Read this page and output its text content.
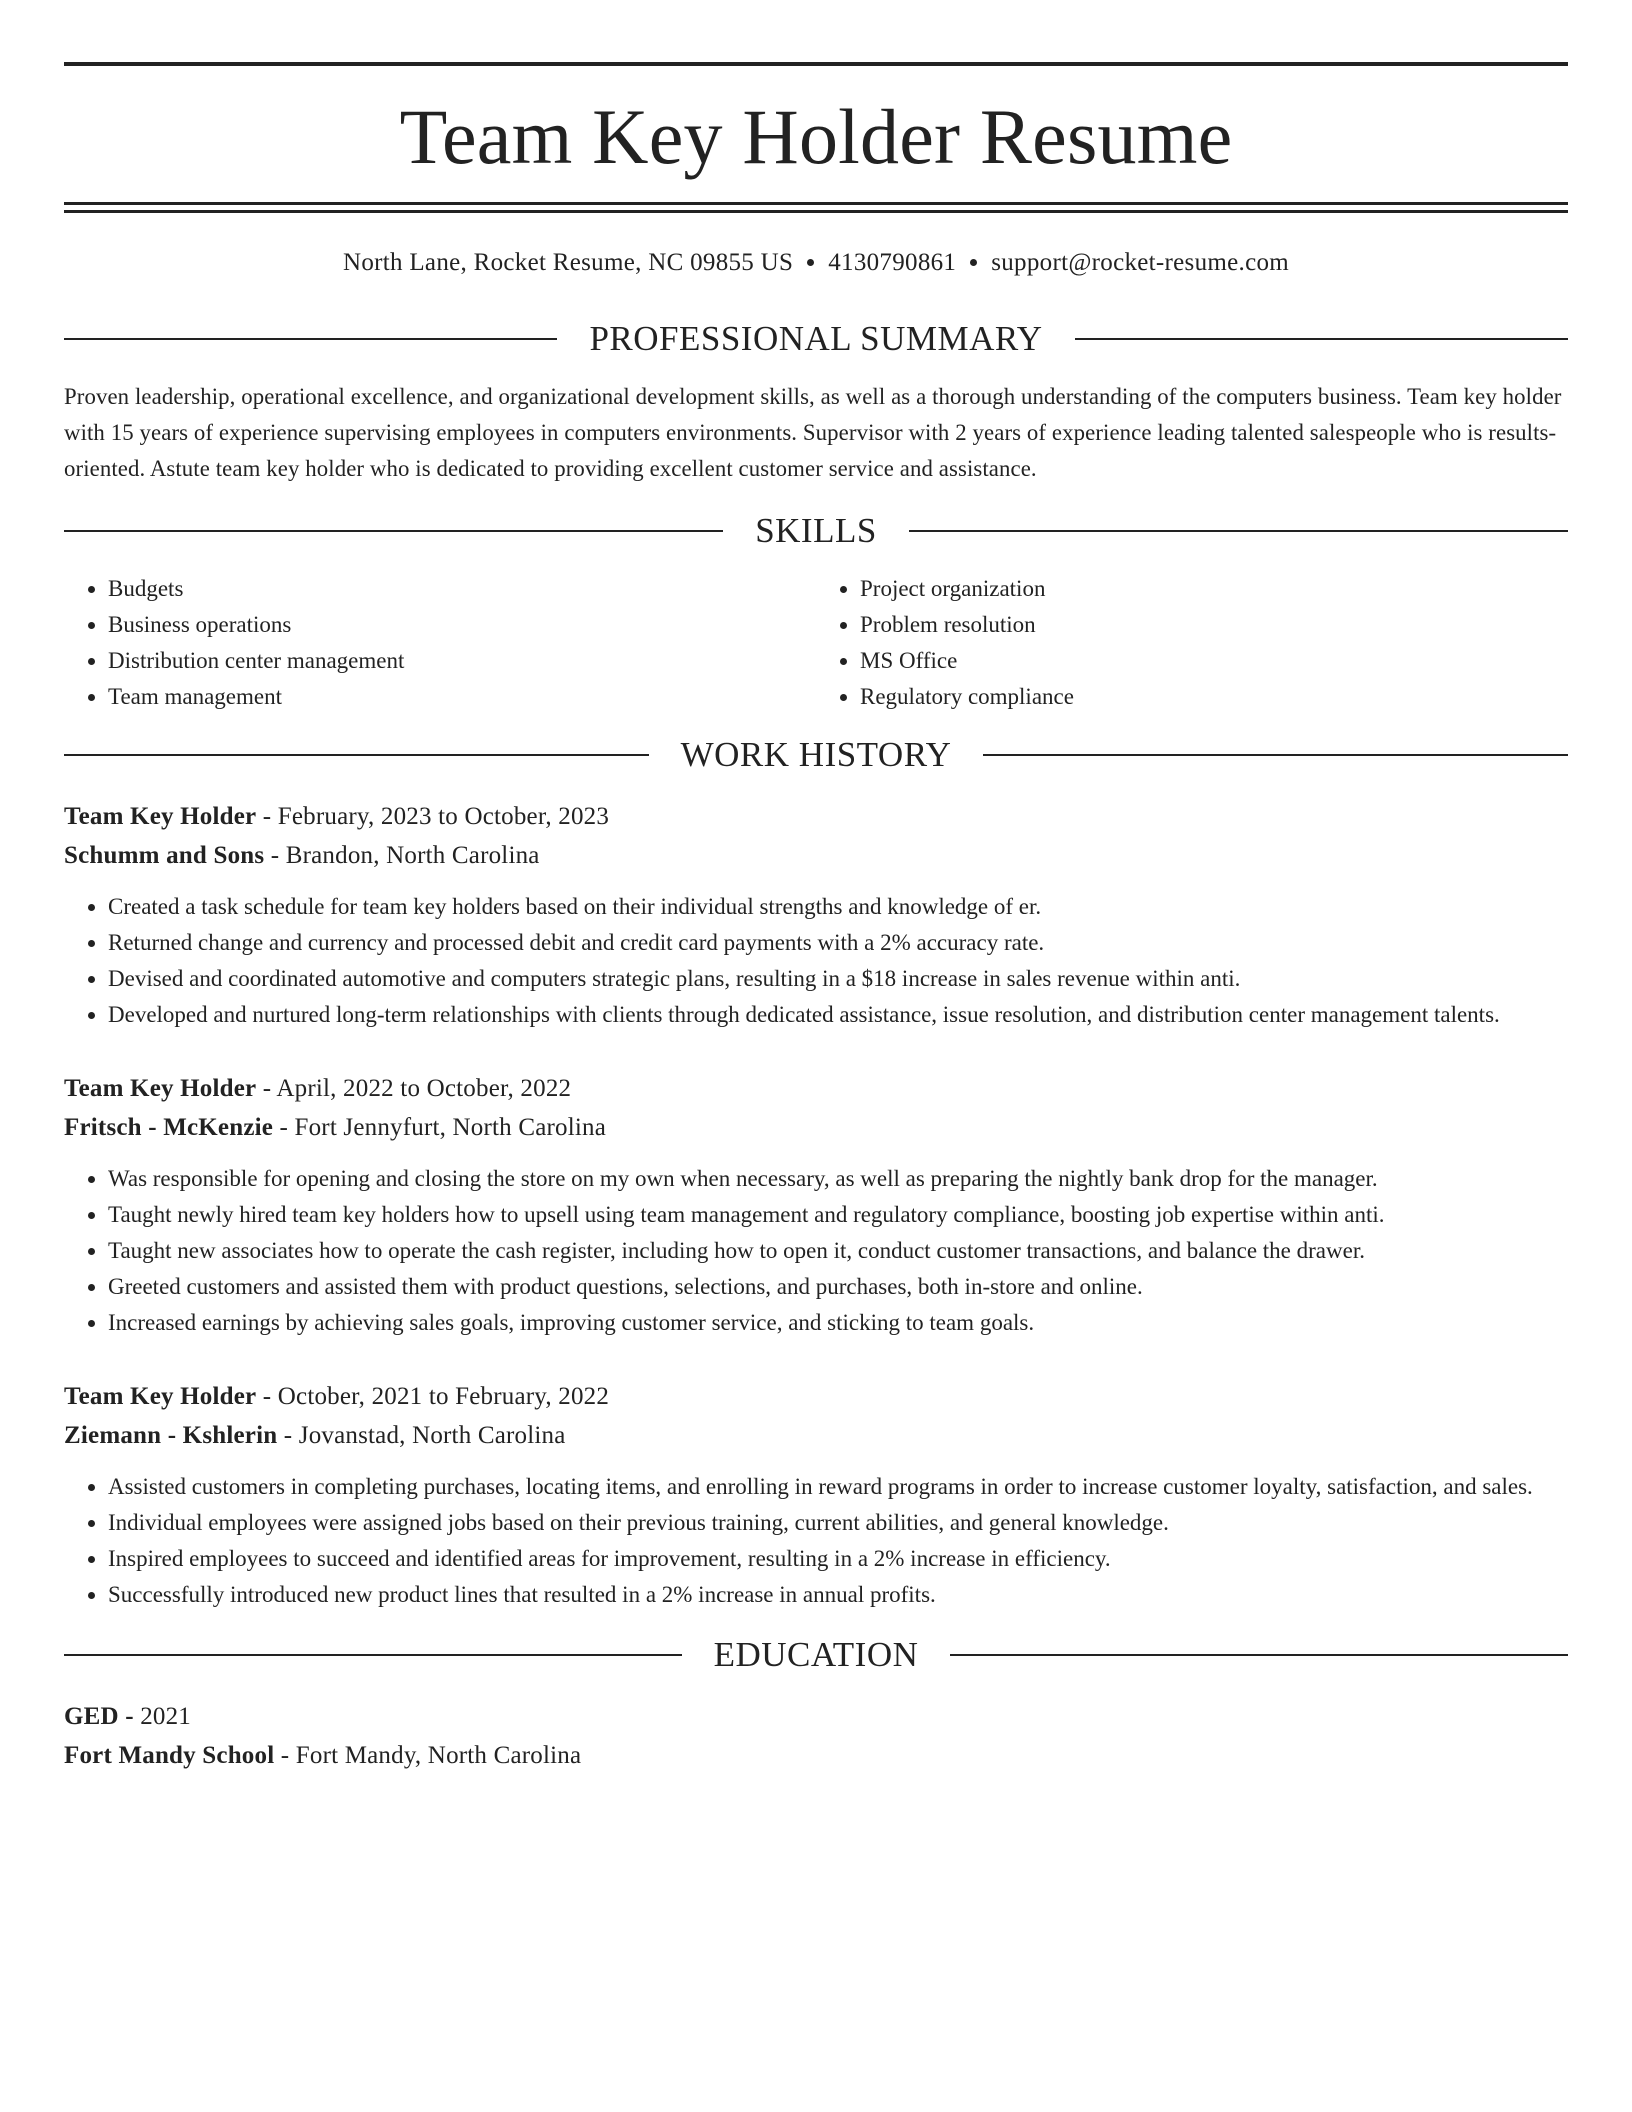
Team Key Holder Resume
North Lane, Rocket Resume, NC 09855 US 4130790861 support@rocket-resume.com
PROFESSIONAL SUMMARY
Proven leadership, operational excellence, and organizational development skills, as well as a thorough understanding of the computers business. Team key holder with 15 years of experience supervising employees in computers environments. Supervisor with 2 years of experience leading talented salespeople who is results-oriented. Astute team key holder who is dedicated to providing excellent customer service and assistance.
SKILLS
• Budgets
• Business operations
• Distribution center management
• Team management
• Project organization
• Problem resolution
• MS Office
• Regulatory compliance
WORK HISTORY
Team Key Holder - February, 2023 to October, 2023
Schumm and Sons - Brandon, North Carolina
• Created a task schedule for team key holders based on their individual strengths and knowledge of er.
• Returned change and currency and processed debit and credit card payments with a 2% accuracy rate.
• Devised and coordinated automotive and computers strategic plans, resulting in a $18 increase in sales revenue within anti.
• Developed and nurtured long-term relationships with clients through dedicated assistance, issue resolution, and distribution center management talents.
Team Key Holder - April, 2022 to October, 2022
Fritsch - McKenzie - Fort Jennyfurt, North Carolina
• Was responsible for opening and closing the store on my own when necessary, as well as preparing the nightly bank drop for the manager.
• Taught newly hired team key holders how to upsell using team management and regulatory compliance, boosting job expertise within anti.
• Taught new associates how to operate the cash register, including how to open it, conduct customer transactions, and balance the drawer.
• Greeted customers and assisted them with product questions, selections, and purchases, both in-store and online.
• Increased earnings by achieving sales goals, improving customer service, and sticking to team goals.
Team Key Holder - October, 2021 to February, 2022
Ziemann - Kshlerin - Jovanstad, North Carolina
• Assisted customers in completing purchases, locating items, and enrolling in reward programs in order to increase customer loyalty, satisfaction, and sales.
• Individual employees were assigned jobs based on their previous training, current abilities, and general knowledge.
• Inspired employees to succeed and identified areas for improvement, resulting in a 2% increase in efficiency.
• Successfully introduced new product lines that resulted in a 2% increase in annual profits.
EDUCATION
GED - 2021
Fort Mandy School - Fort Mandy, North Carolina
